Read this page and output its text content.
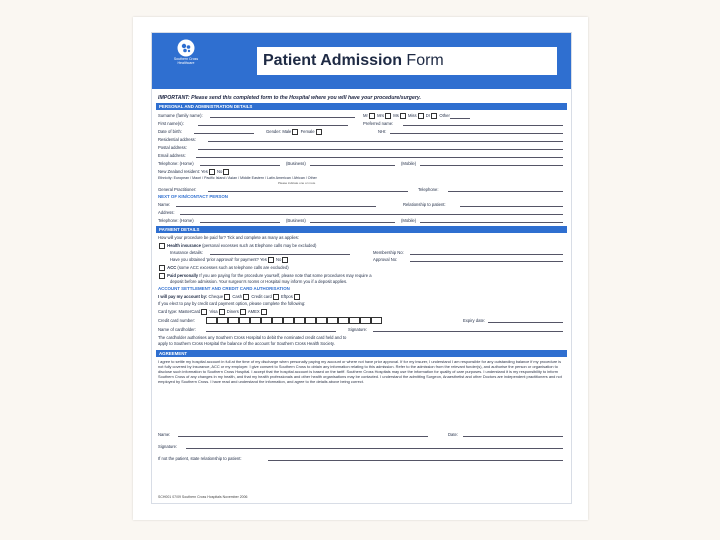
Southern Cross Healthcare	Patient Admission Form
IMPORTANT: Please send this completed form to the Hospital where you will have your procedure/surgery.
PERSONAL AND ADMINISTRATION DETAILS
Surname (family name):	Mr Mrs Ms Miss Dr Other
First name(s):	Preferred name:
Date of birth:	Gender: Male Female	NHI:
Residential address:
Postal address:
Email address:
Telephone: (Home)	(Business)	(Mobile)
New Zealand resident: Yes No
Ethnicity: European / Maori / Pacific Island / Asian / Middle Eastern / Latin American / African / Other
Please indicate one or more
General Practitioner:	Telephone:
NEXT OF KIN/CONTACT PERSON
Name:	Relationship to patient:
Address:
Telephone: (Home)	(Business)	(Mobile)
PAYMENT DETAILS
How will your procedure be paid for? Tick and complete as many as applies:
Health insurance (personal excesses such as Elephone calls may be excluded)
Insurance details:	Membership No:
Have you obtained 'prior approval' for payment? Yes No	Approval No:
ACC (some ACC excesses such as telephone calls are excluded)
Paid personally If you are paying for the procedure yourself, please note that some procedures may require a
deposit before admission. Your surgeon's rooms or Hospital may inform you if a deposit applies.
ACCOUNT SETTLEMENT AND CREDIT CARD AUTHORISATION
I will pay my account by: Cheque Cash Credit card Eftpos
If you elect to pay by credit card payment option, please complete the following:
Card type: MasterCard Visa Diners AMEX
Credit card number:	Expiry date:
Name of cardholder:	Signature:
The cardholder authorises any Southern Cross Hospital to debit the nominated credit card held and to
apply to Southern Cross Hospital the balance of the account for Southern Cross Health Society.
AGREEMENT
I agree to settle my hospital account in full at the time of my discharge when personally paying my account or where not have prior approval. If for my insurer, I understand I am responsible for any outstanding balance if my procedure is not fully covered by insurance, ACC or my employer. I give consent to Southern Cross to obtain any information relating to this admission. Refer to the admission from the relevant funder(s), and authorise the person or organisation to disclose such information to Southern Cross Hospital. I accept that the hospital account is based on the tariff. Southern Cross Hospitals may use the information for quality of care purposes. I understand it is my responsibility to inform Southern Cross of any changes in my health, and that my health professionals and other health organisations may be contacted. I understand the admitting Surgeon, Anaesthetist and other Doctors are independent practitioners and not employed by Southern Cross. I have read and understand the information, and agree to the details above being correct.
Name:	Date:
Signature:
If not the patient, state relationship to patient:
SCH001 07/09 Southern Cross Hospitals November 2006
